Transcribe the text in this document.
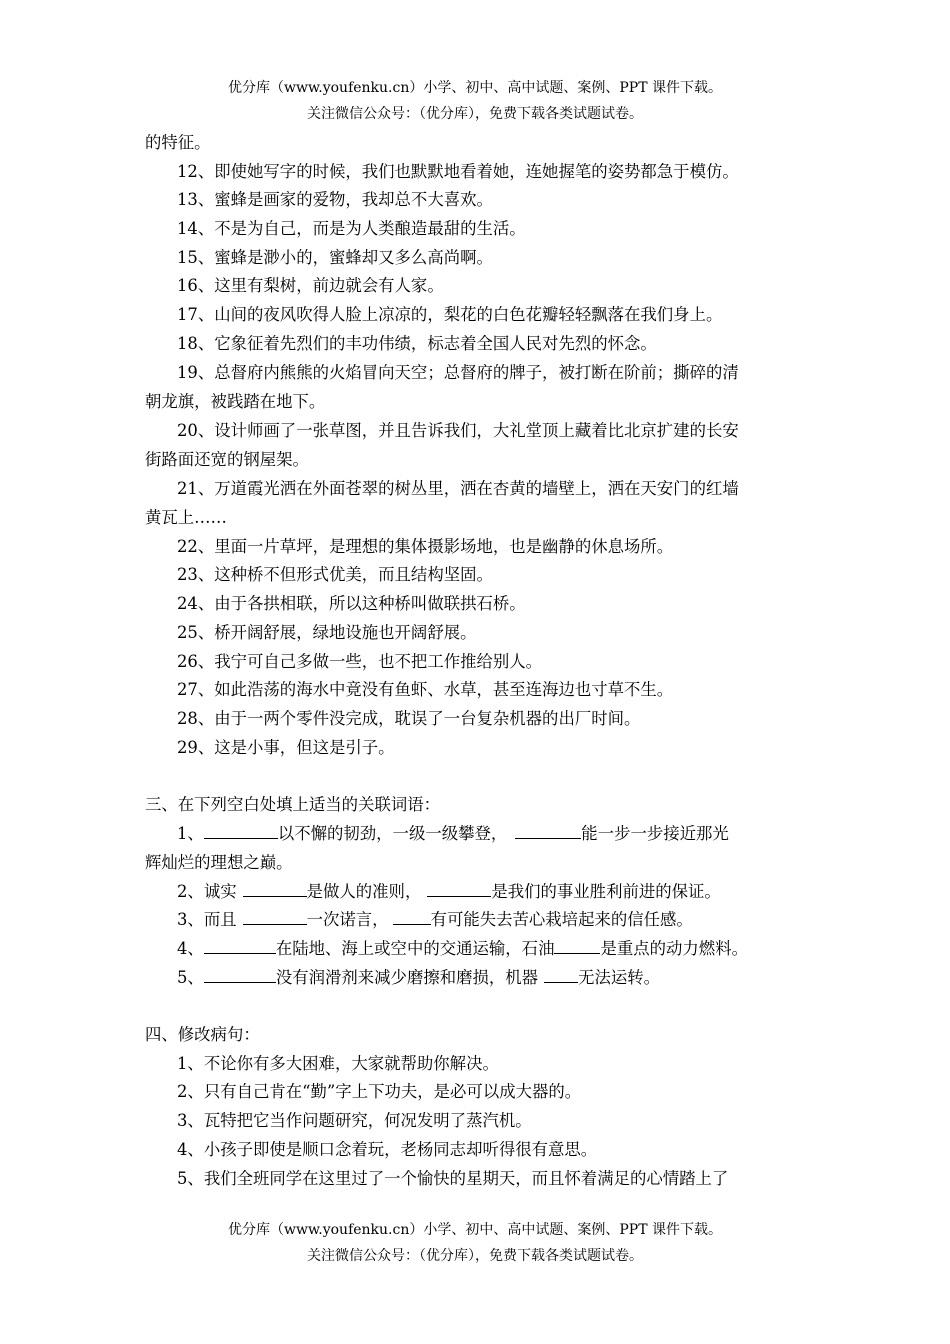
优分库（www.youfenku.cn）小学、初中、高中试题、案例、PPT 课件下载。
关注微信公众号：（优分库），免费下载各类试题试卷。
的特征。
12、即使她写字的时候，我们也默默地看着她，连她握笔的姿势都急于模仿。
13、蜜蜂是画家的爱物，我却总不大喜欢。
14、不是为自己，而是为人类酿造最甜的生活。
15、蜜蜂是渺小的，蜜蜂却又多么高尚啊。
16、这里有梨树，前边就会有人家。
17、山间的夜风吹得人脸上凉凉的，梨花的白色花瓣轻轻飘落在我们身上。
18、它象征着先烈们的丰功伟绩，标志着全国人民对先烈的怀念。
19、总督府内熊熊的火焰冒向天空；总督府的牌子，被打断在阶前；撕碎的清
朝龙旗，被践踏在地下。
20、设计师画了一张草图，并且告诉我们，大礼堂顶上藏着比北京扩建的长安
街路面还宽的钢屋架。
21、万道霞光洒在外面苍翠的树丛里，洒在杏黄的墙壁上，洒在天安门的红墙
黄瓦上……
22、里面一片草坪，是理想的集体摄影场地，也是幽静的休息场所。
23、这种桥不但形式优美，而且结构坚固。
24、由于各拱相联，所以这种桥叫做联拱石桥。
25、桥开阔舒展，绿地设施也开阔舒展。
26、我宁可自己多做一些，也不把工作推给别人。
27、如此浩荡的海水中竟没有鱼虾、水草，甚至连海边也寸草不生。
28、由于一两个零件没完成，耽误了一台复杂机器的出厂时间。
29、这是小事，但这是引子。
三、在下列空白处填上适当的关联词语：
1、	以不懈的韧劲，一级一级攀登，	能一步一步接近那光
辉灿烂的理想之巅。
2、诚实	是做人的准则，	是我们的事业胜利前进的保证。
3、而且	一次诺言，	有可能失去苦心栽培起来的信任感。
4、	在陆地、海上或空中的交通运输，石油	是重点的动力燃料。
5、	没有润滑剂来减少磨擦和磨损，机器 无法运转。
四、修改病句：
1、不论你有多大困难，大家就帮助你解决。
2、只有自己肯在“勤”字上下功夫，是必可以成大器的。
3、瓦特把它当作问题研究，何况发明了蒸汽机。
4、小孩子即使是顺口念着玩，老杨同志却听得很有意思。
5、我们全班同学在这里过了一个愉快的星期天，而且怀着满足的心情踏上了
优分库（www.youfenku.cn）小学、初中、高中试题、案例、PPT 课件下载。
关注微信公众号：（优分库），免费下载各类试题试卷。
